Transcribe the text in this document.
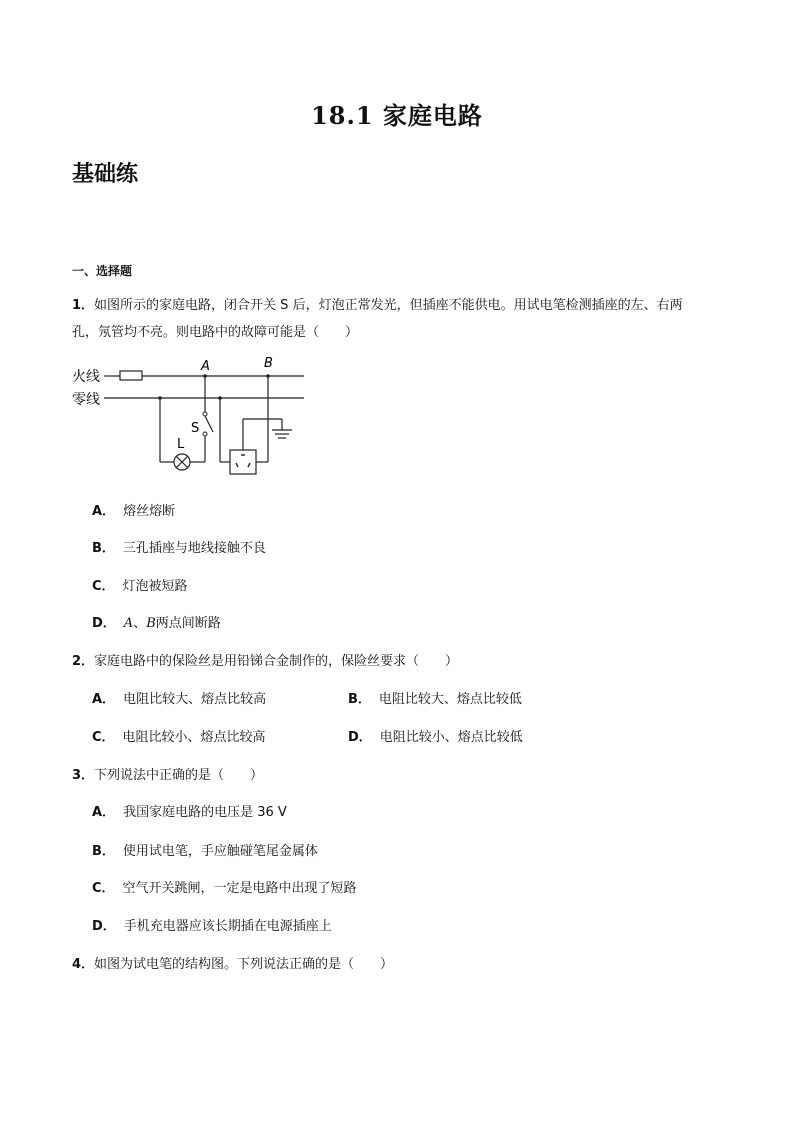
18.1 家庭电路
基础练
一、选择题
1．如图所示的家庭电路，闭合开关 S 后，灯泡正常发光，但插座不能供电。用试电笔检测插座的左、右两
孔，氖管均不亮。则电路中的故障可能是（　　）
火线
零线
A	B
L
S
A． 熔丝熔断
B． 三孔插座与地线接触不良
C． 灯泡被短路
D． A、B两点间断路
2．家庭电路中的保险丝是用铅锑合金制作的，保险丝要求（　　）
A． 电阻比较大、熔点比较高	B． 电阻比较大、熔点比较低
C． 电阻比较小、熔点比较高	D． 电阻比较小、熔点比较低
3．下列说法中正确的是（　　）
A． 我国家庭电路的电压是 36 V
B． 使用试电笔，手应触碰笔尾金属体
C． 空气开关跳闸，一定是电路中出现了短路
D． 手机充电器应该长期插在电源插座上
4．如图为试电笔的结构图。下列说法正确的是（　　）
